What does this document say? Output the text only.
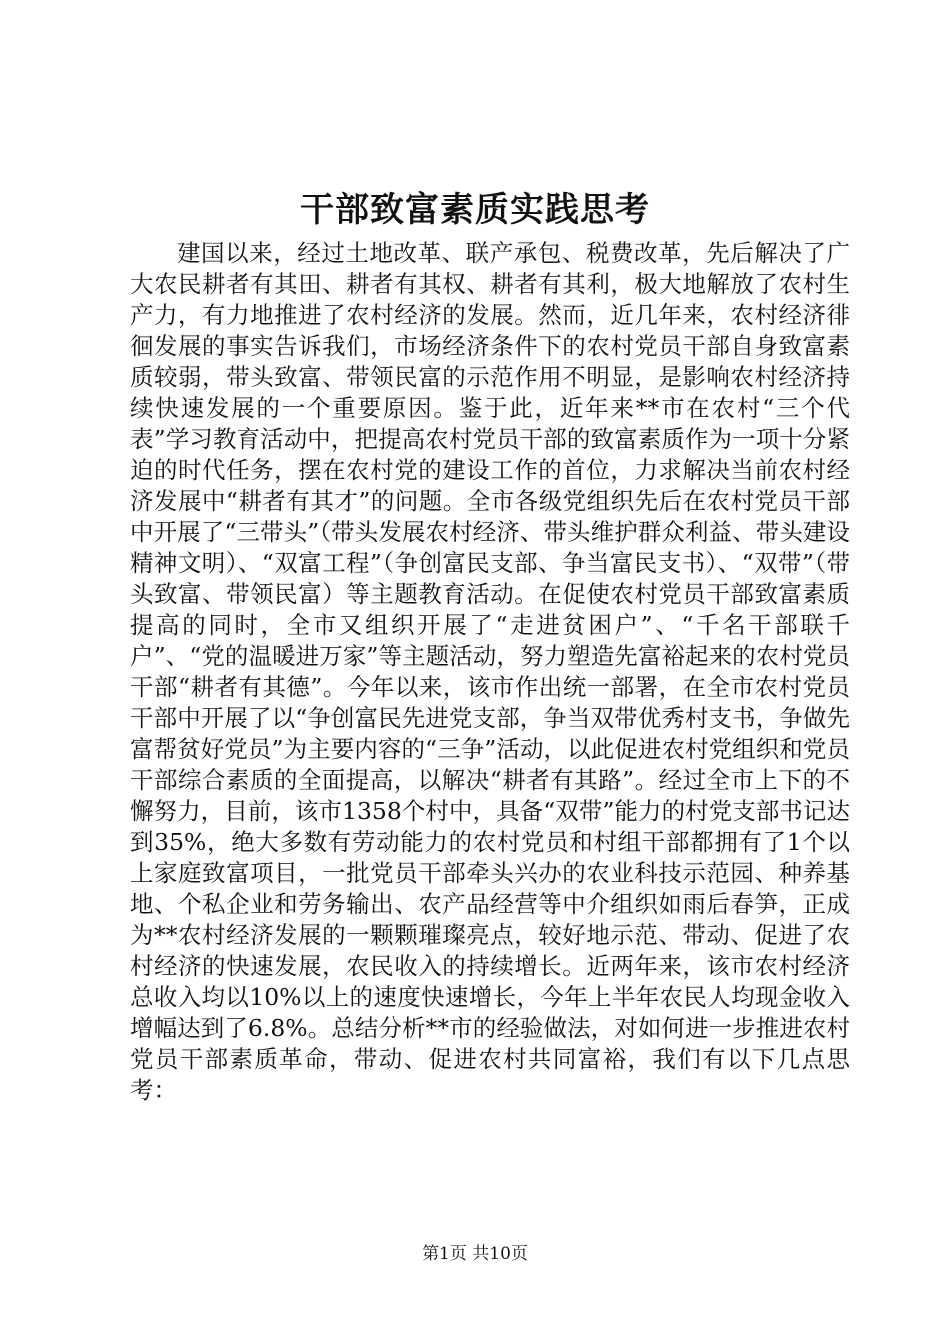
干部致富素质实践思考

建国以来，经过土地改革、联产承包、税费改革，先后解决了广大农民耕者有其田、耕者有其权、耕者有其利，极大地解放了农村生产力，有力地推进了农村经济的发展。然而，近几年来，农村经济徘徊发展的事实告诉我们，市场经济条件下的农村党员干部自身致富素质较弱，带头致富、带领民富的示范作用不明显，是影响农村经济持续快速发展的一个重要原因。鉴于此，近年来**市在农村“三个代表”学习教育活动中，把提高农村党员干部的致富素质作为一项十分紧迫的时代任务，摆在农村党的建设工作的首位，力求解决当前农村经济发展中“耕者有其才”的问题。全市各级党组织先后在农村党员干部中开展了“三带头”（带头发展农村经济、带头维护群众利益、带头建设精神文明）、“双富工程”（争创富民支部、争当富民支书）、“双带”（带头致富、带领民富）等主题教育活动。在促使农村党员干部致富素质提高的同时，全市又组织开展了“走进贫困户”、“千名干部联千户”、“党的温暖进万家”等主题活动，努力塑造先富裕起来的农村党员干部“耕者有其德”。今年以来，该市作出统一部署，在全市农村党员干部中开展了以“争创富民先进党支部，争当双带优秀村支书，争做先富帮贫好党员”为主要内容的“三争”活动，以此促进农村党组织和党员干部综合素质的全面提高，以解决“耕者有其路”。经过全市上下的不懈努力，目前，该市1358个村中，具备“双带”能力的村党支部书记达到35%，绝大多数有劳动能力的农村党员和村组干部都拥有了1个以上家庭致富项目，一批党员干部牵头兴办的农业科技示范园、种养基地、个私企业和劳务输出、农产品经营等中介组织如雨后春笋，正成为**农村经济发展的一颗颗璀璨亮点，较好地示范、带动、促进了农村经济的快速发展，农民收入的持续增长。近两年来，该市农村经济总收入均以10%以上的速度快速增长，今年上半年农民人均现金收入增幅达到了6.8%。总结分析**市的经验做法，对如何进一步推进农村党员干部素质革命，带动、促进农村共同富裕，我们有以下几点思考：

第1页 共10页
